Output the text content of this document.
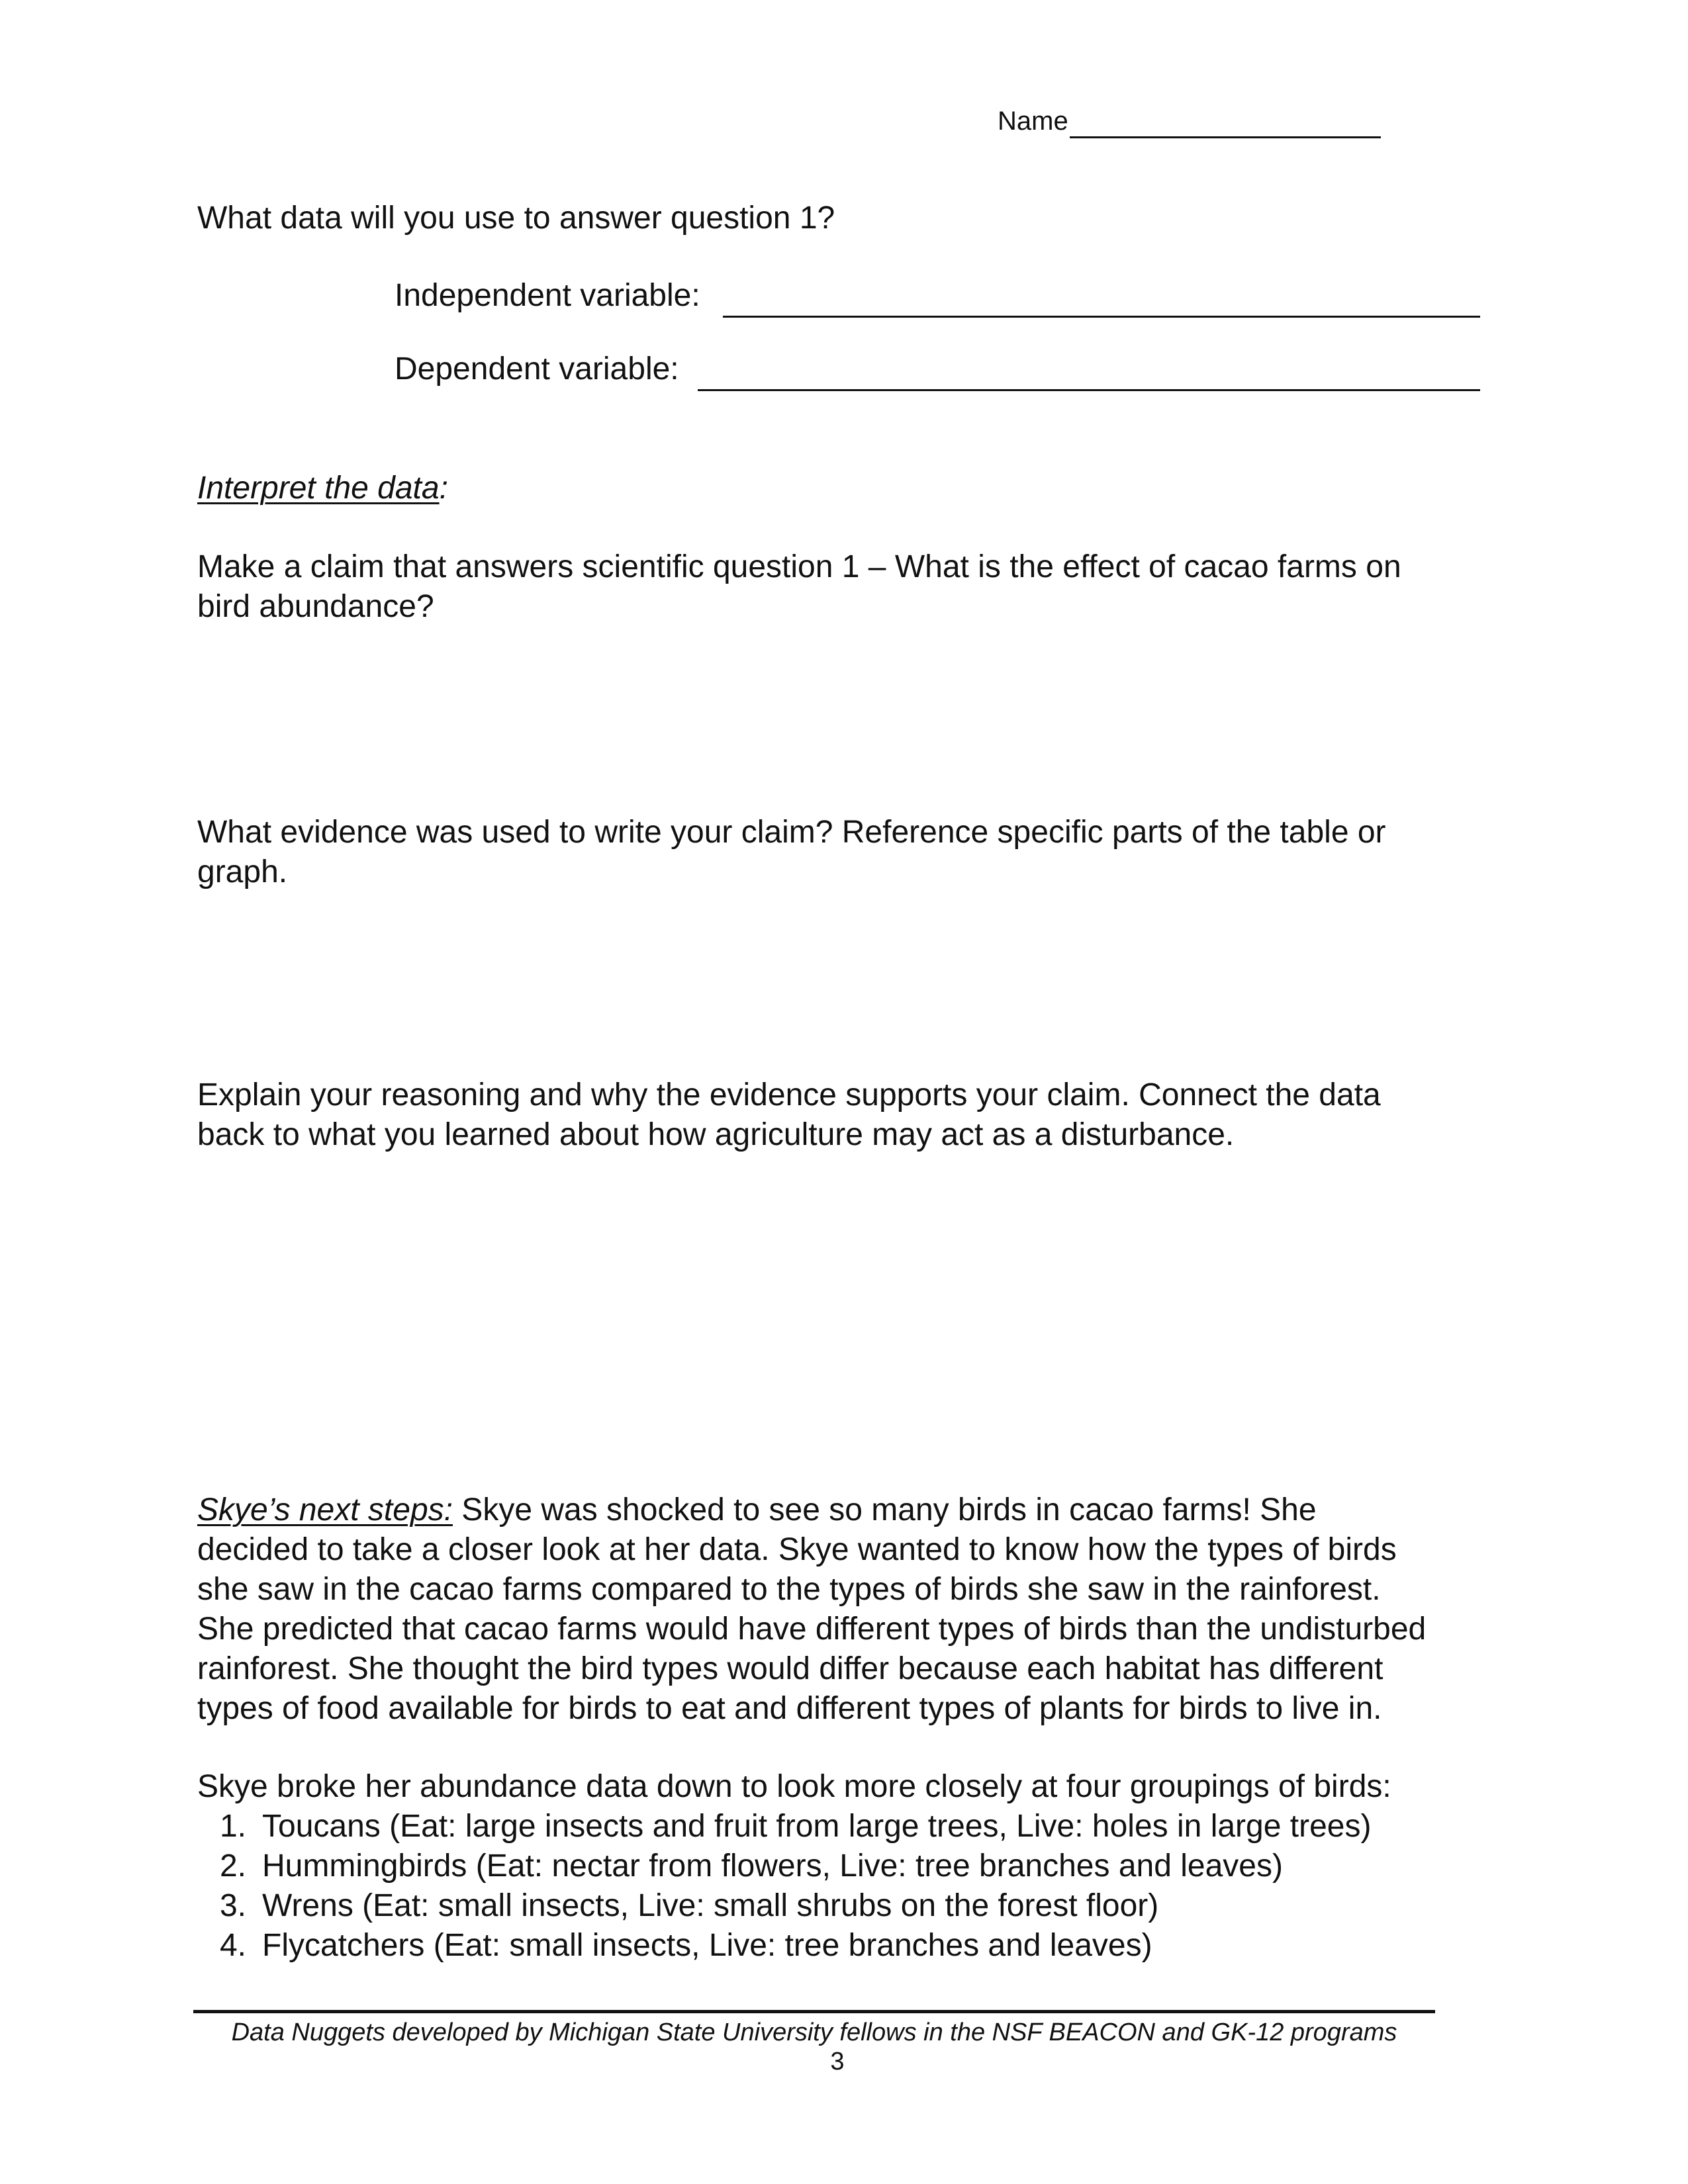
Name
What data will you use to answer question 1?
Independent variable:
Dependent variable:
Interpret the data:
Make a claim that answers scientific question 1 – What is the effect of cacao farms on
bird abundance?
What evidence was used to write your claim? Reference specific parts of the table or
graph.
Explain your reasoning and why the evidence supports your claim. Connect the data
back to what you learned about how agriculture may act as a disturbance.
Skye’s next steps: Skye was shocked to see so many birds in cacao farms! She
decided to take a closer look at her data. Skye wanted to know how the types of birds
she saw in the cacao farms compared to the types of birds she saw in the rainforest.
She predicted that cacao farms would have different types of birds than the undisturbed
rainforest. She thought the bird types would differ because each habitat has different
types of food available for birds to eat and different types of plants for birds to live in.
Skye broke her abundance data down to look more closely at four groupings of birds:
1. Toucans (Eat: large insects and fruit from large trees, Live: holes in large trees)
2. Hummingbirds (Eat: nectar from flowers, Live: tree branches and leaves)
3. Wrens (Eat: small insects, Live: small shrubs on the forest floor)
4. Flycatchers (Eat: small insects, Live: tree branches and leaves)
Data Nuggets developed by Michigan State University fellows in the NSF BEACON and GK-12 programs
3
